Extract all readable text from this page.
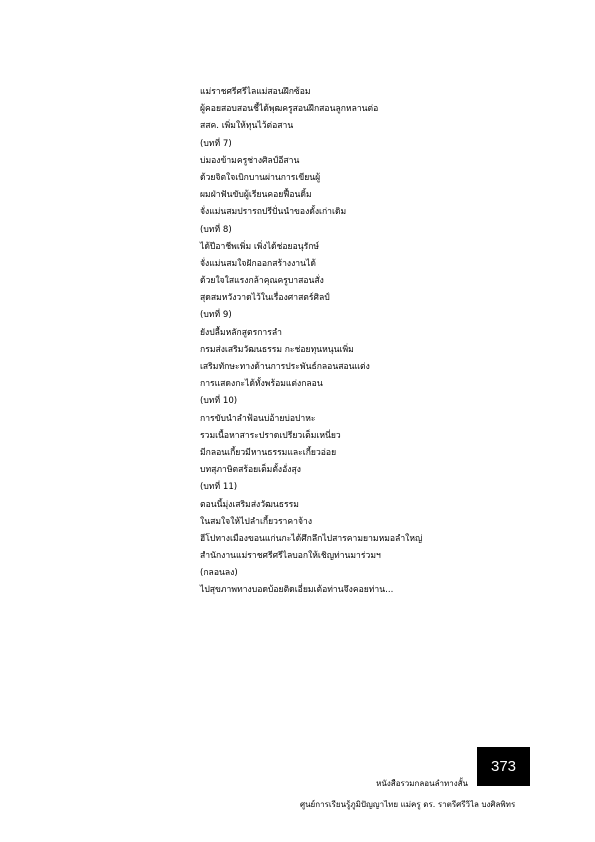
แม่ราชศรีศรีไลแม่สอนฝึกซ้อม
ผู้คอยสอบสอนชี้ได้พุฒครูสอนฝึกสอนลูกหลานต่อ
สสค. เพิ่มให้ทุนไว้ต่อสาน
(บทที่ 7)
บ่มองข้ามครูช่างศิลป์อีสาน
ด้วยจิตใจเบิกบานผ่านการเขียนผู้
ผมฝ่าฟันขับผู้เรียนคอยฟื้อนดิ้ม
จั่งแม่นสมปรารถปรีปั่นนำของดั้งเก่าเดิม
(บทที่ 8)
ได้ปีอาชีพเพิ่ม เพิ่งได้ช่อยอนุรักษ์
จั่งแม่นสมใจฝักออกสร้างงานได้
ด้วยใจใสแรงกล้าคุณครูบาสอนสั่ง
สุดสมหวังวาดไว้ในเรื่องศาสตร์ศิลป์
(บทที่ 9)
ยังปลื้มหลักสูตรการลำ
กรมส่งเสริมวัฒนธรรม กะช่อยทุนหนุนเพิ่ม
เสริมทักษะทางด้านการประพันธ์กลอนสอนแต่ง
การแสดงกะได้ทั้งพร้อมแต่งกลอน
(บทที่ 10)
การขับนำลำฟ้อนบ่อ้ายบ่อปาหะ
รวมเนื้อหาสาระปราดเปรียวเต็มเหนี่ยว
มีกลอนเกี้ยวมีหานธรรมและเกี้ยวอ่อย
บทสุภาษิตสร้อยเต็มตั้งอั่งสุง
(บทที่ 11)
ตอนนี้มุ่งเสริมส่งวัฒนธรรม
ในสมใจให้ไปลำเกี้ยวราคาจ้าง
ฮีโปทางเมืองขอนแก่นกะได้ศึกลึกไปสารคามยามหมอลำใหญ่
สำนักงานแม่ราชศรีศรีไลบอกให้เชิญท่านมาร่วมฯ
(กลอนลง)
ไปสุขภาพทางบอดบ้อยติดเอี่ยมเต้อท่านจึงคอยท่าน...
หนังสือรวมกลอนลำทางสั้น
ศูนย์การเรียนรู้ภูมิปัญญาไทย แม่ครู ดร. ราตรีศรีวิไล บงศิลพิทร
373
